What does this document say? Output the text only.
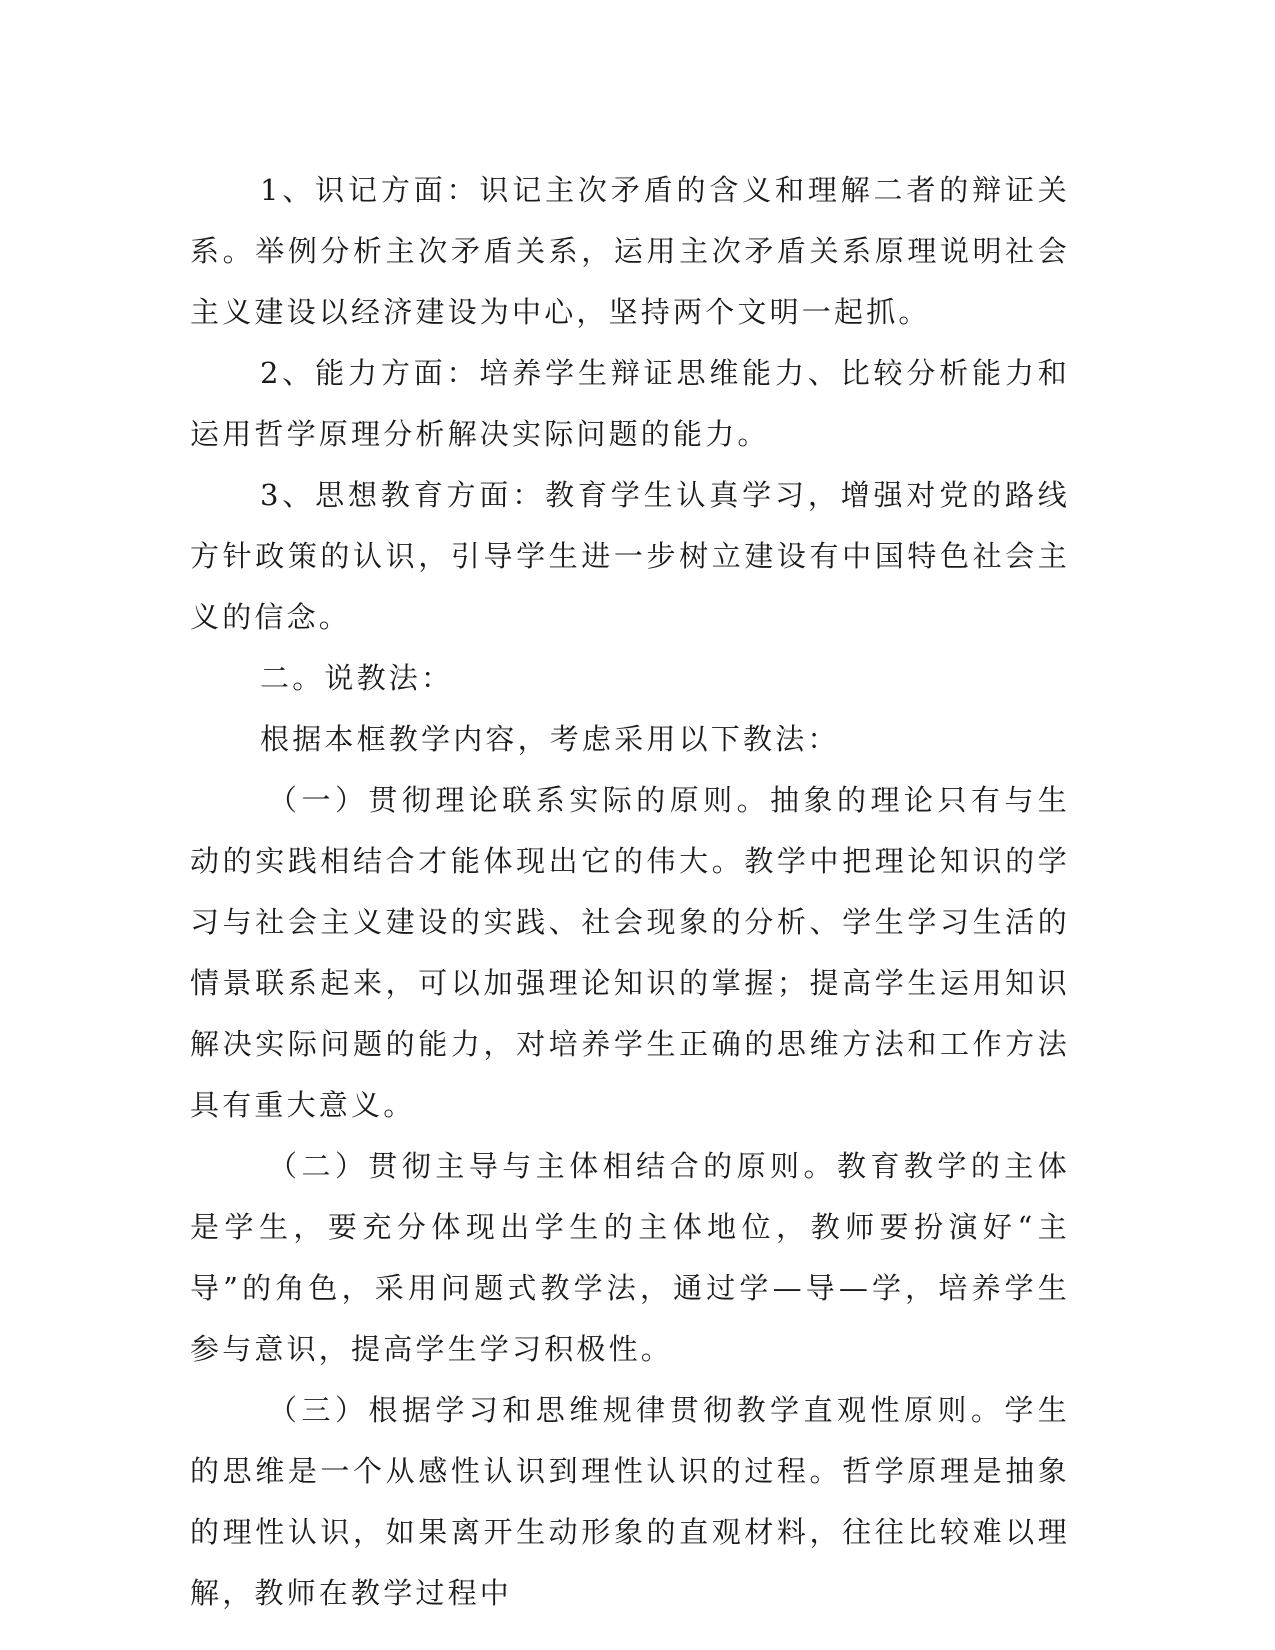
1、识记方面：识记主次矛盾的含义和理解二者的辩证关系。举例分析主次矛盾关系，运用主次矛盾关系原理说明社会主义建设以经济建设为中心，坚持两个文明一起抓。

2、能力方面：培养学生辩证思维能力、比较分析能力和运用哲学原理分析解决实际问题的能力。

3、思想教育方面：教育学生认真学习，增强对党的路线方针政策的认识，引导学生进一步树立建设有中国特色社会主义的信念。

二。说教法：

根据本框教学内容，考虑采用以下教法：

（一）贯彻理论联系实际的原则。抽象的理论只有与生动的实践相结合才能体现出它的伟大。教学中把理论知识的学习与社会主义建设的实践、社会现象的分析、学生学习生活的情景联系起来，可以加强理论知识的掌握；提高学生运用知识解决实际问题的能力，对培养学生正确的思维方法和工作方法具有重大意义。

（二）贯彻主导与主体相结合的原则。教育教学的主体是学生，要充分体现出学生的主体地位，教师要扮演好“主导”的角色，采用问题式教学法，通过学—导—学，培养学生参与意识，提高学生学习积极性。

（三）根据学习和思维规律贯彻教学直观性原则。学生的思维是一个从感性认识到理性认识的过程。哲学原理是抽象的理性认识，如果离开生动形象的直观材料，往往比较难以理解，教师在教学过程中
